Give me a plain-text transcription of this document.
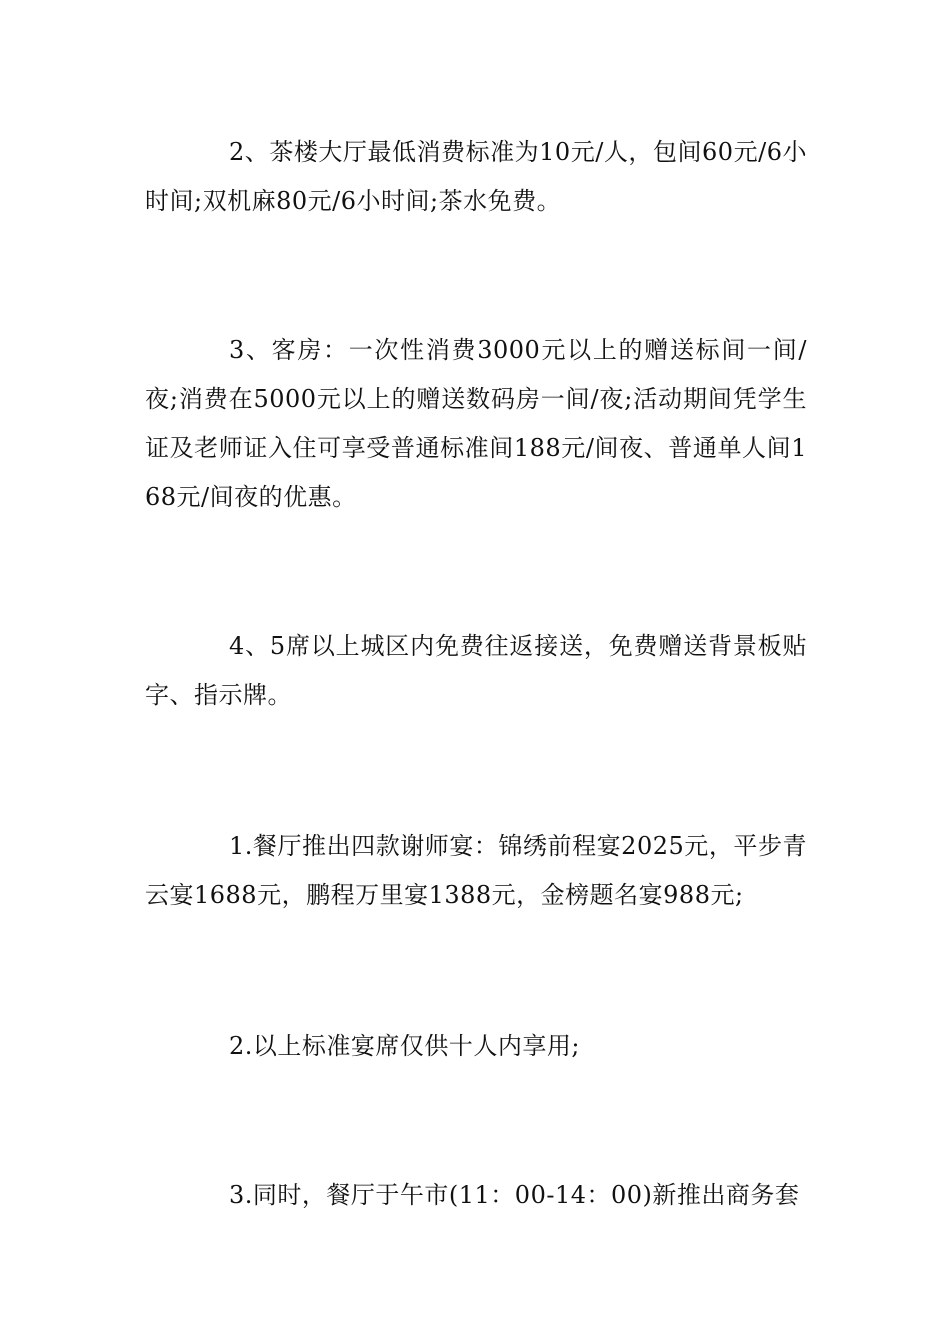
2、茶楼大厅最低消费标准为10元/人，包间60元/6小时间;双机麻80元/6小时间;茶水免费。

3、客房：一次性消费3000元以上的赠送标间一间/夜;消费在5000元以上的赠送数码房一间/夜;活动期间凭学生证及老师证入住可享受普通标准间188元/间夜、普通单人间168元/间夜的优惠。

4、5席以上城区内免费往返接送，免费赠送背景板贴字、指示牌。

1.餐厅推出四款谢师宴：锦绣前程宴2025元，平步青云宴1688元，鹏程万里宴1388元，金榜题名宴988元;

2.以上标准宴席仅供十人内享用;

3.同时，餐厅于午市(11：00-14：00)新推出商务套
